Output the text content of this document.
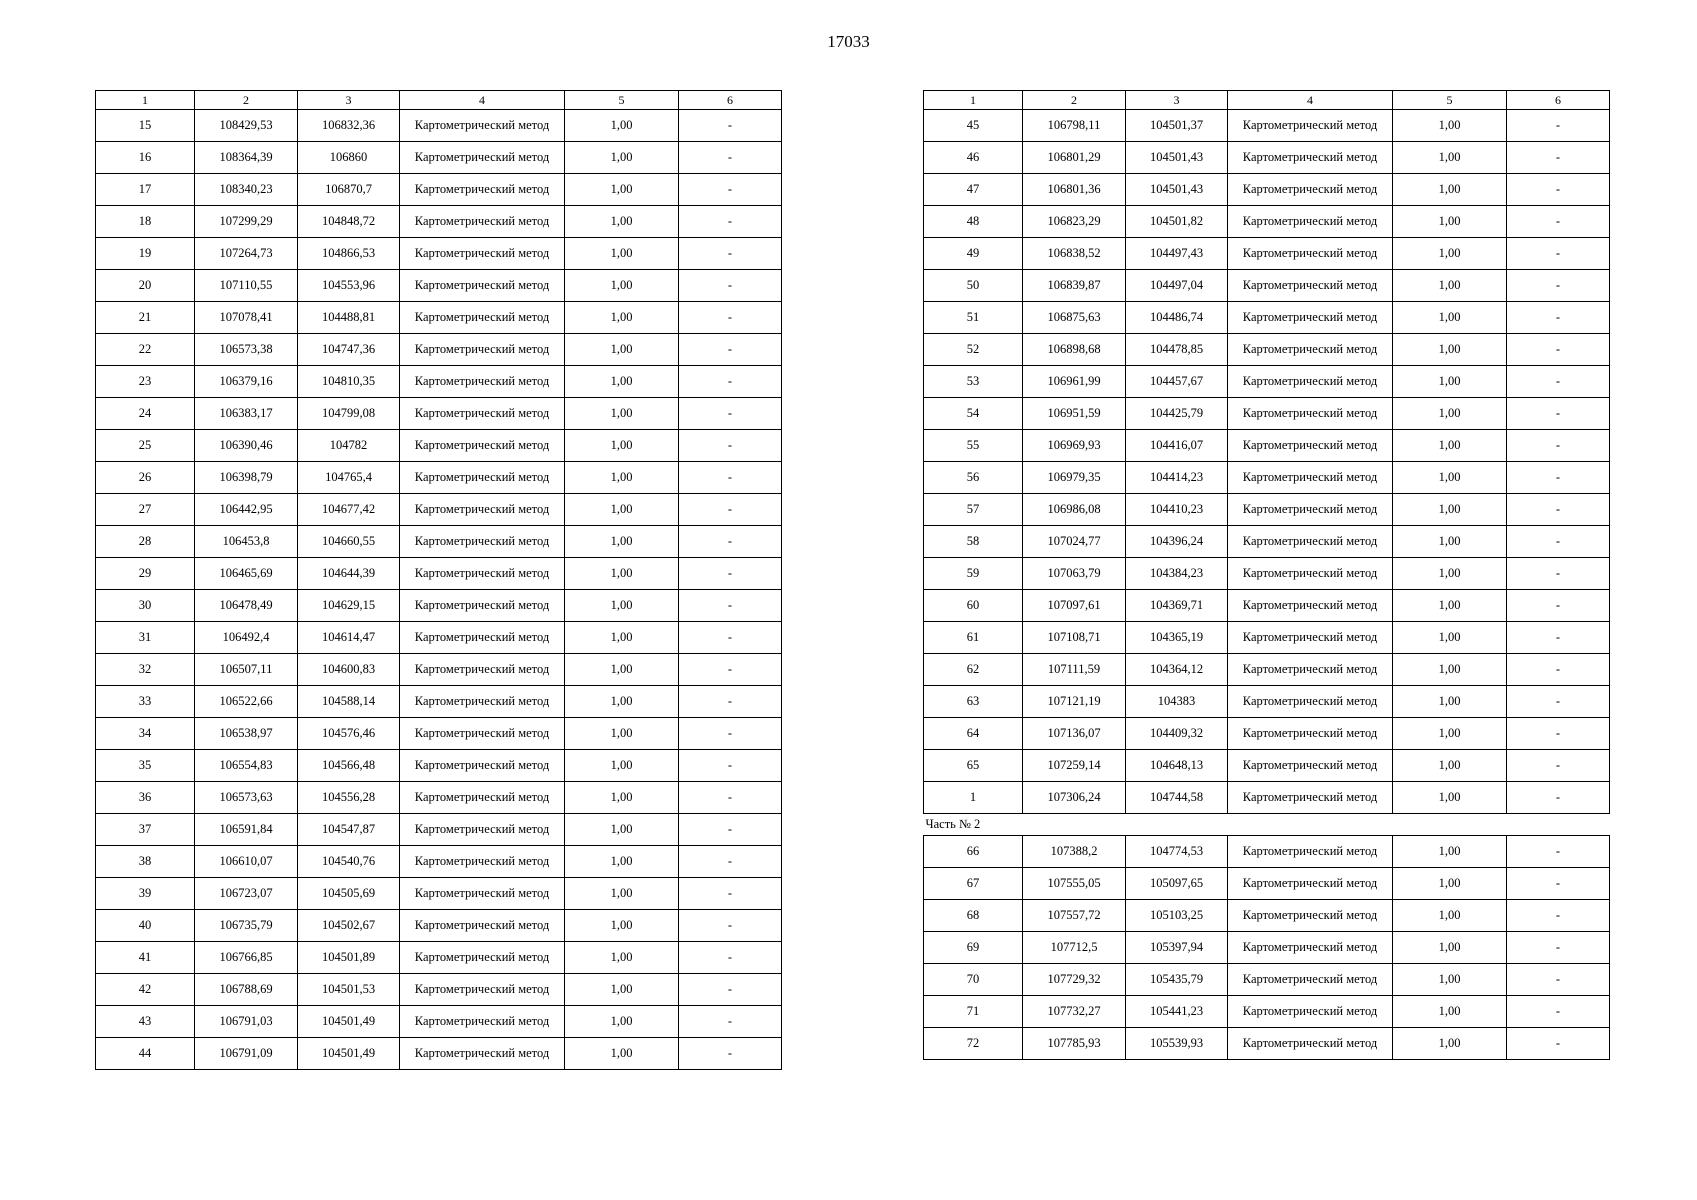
17033
1	2	3	4	5	6
15	108429,53	106832,36	Картометрический метод	1,00	-
16	108364,39	106860	Картометрический метод	1,00	-
17	108340,23	106870,7	Картометрический метод	1,00	-
18	107299,29	104848,72	Картометрический метод	1,00	-
19	107264,73	104866,53	Картометрический метод	1,00	-
20	107110,55	104553,96	Картометрический метод	1,00	-
21	107078,41	104488,81	Картометрический метод	1,00	-
22	106573,38	104747,36	Картометрический метод	1,00	-
23	106379,16	104810,35	Картометрический метод	1,00	-
24	106383,17	104799,08	Картометрический метод	1,00	-
25	106390,46	104782	Картометрический метод	1,00	-
26	106398,79	104765,4	Картометрический метод	1,00	-
27	106442,95	104677,42	Картометрический метод	1,00	-
28	106453,8	104660,55	Картометрический метод	1,00	-
29	106465,69	104644,39	Картометрический метод	1,00	-
30	106478,49	104629,15	Картометрический метод	1,00	-
31	106492,4	104614,47	Картометрический метод	1,00	-
32	106507,11	104600,83	Картометрический метод	1,00	-
33	106522,66	104588,14	Картометрический метод	1,00	-
34	106538,97	104576,46	Картометрический метод	1,00	-
35	106554,83	104566,48	Картометрический метод	1,00	-
36	106573,63	104556,28	Картометрический метод	1,00	-
37	106591,84	104547,87	Картометрический метод	1,00	-
38	106610,07	104540,76	Картометрический метод	1,00	-
39	106723,07	104505,69	Картометрический метод	1,00	-
40	106735,79	104502,67	Картометрический метод	1,00	-
41	106766,85	104501,89	Картометрический метод	1,00	-
42	106788,69	104501,53	Картометрический метод	1,00	-
43	106791,03	104501,49	Картометрический метод	1,00	-
44	106791,09	104501,49	Картометрический метод	1,00	-
1	2	3	4	5	6
45	106798,11	104501,37	Картометрический метод	1,00	-
46	106801,29	104501,43	Картометрический метод	1,00	-
47	106801,36	104501,43	Картометрический метод	1,00	-
48	106823,29	104501,82	Картометрический метод	1,00	-
49	106838,52	104497,43	Картометрический метод	1,00	-
50	106839,87	104497,04	Картометрический метод	1,00	-
51	106875,63	104486,74	Картометрический метод	1,00	-
52	106898,68	104478,85	Картометрический метод	1,00	-
53	106961,99	104457,67	Картометрический метод	1,00	-
54	106951,59	104425,79	Картометрический метод	1,00	-
55	106969,93	104416,07	Картометрический метод	1,00	-
56	106979,35	104414,23	Картометрический метод	1,00	-
57	106986,08	104410,23	Картометрический метод	1,00	-
58	107024,77	104396,24	Картометрический метод	1,00	-
59	107063,79	104384,23	Картометрический метод	1,00	-
60	107097,61	104369,71	Картометрический метод	1,00	-
61	107108,71	104365,19	Картометрический метод	1,00	-
62	107111,59	104364,12	Картометрический метод	1,00	-
63	107121,19	104383	Картометрический метод	1,00	-
64	107136,07	104409,32	Картометрический метод	1,00	-
65	107259,14	104648,13	Картометрический метод	1,00	-
1	107306,24	104744,58	Картометрический метод	1,00	-
Часть № 2					
66	107388,2	104774,53	Картометрический метод	1,00	-
67	107555,05	105097,65	Картометрический метод	1,00	-
68	107557,72	105103,25	Картометрический метод	1,00	-
69	107712,5	105397,94	Картометрический метод	1,00	-
70	107729,32	105435,79	Картометрический метод	1,00	-
71	107732,27	105441,23	Картометрический метод	1,00	-
72	107785,93	105539,93	Картометрический метод	1,00	-
